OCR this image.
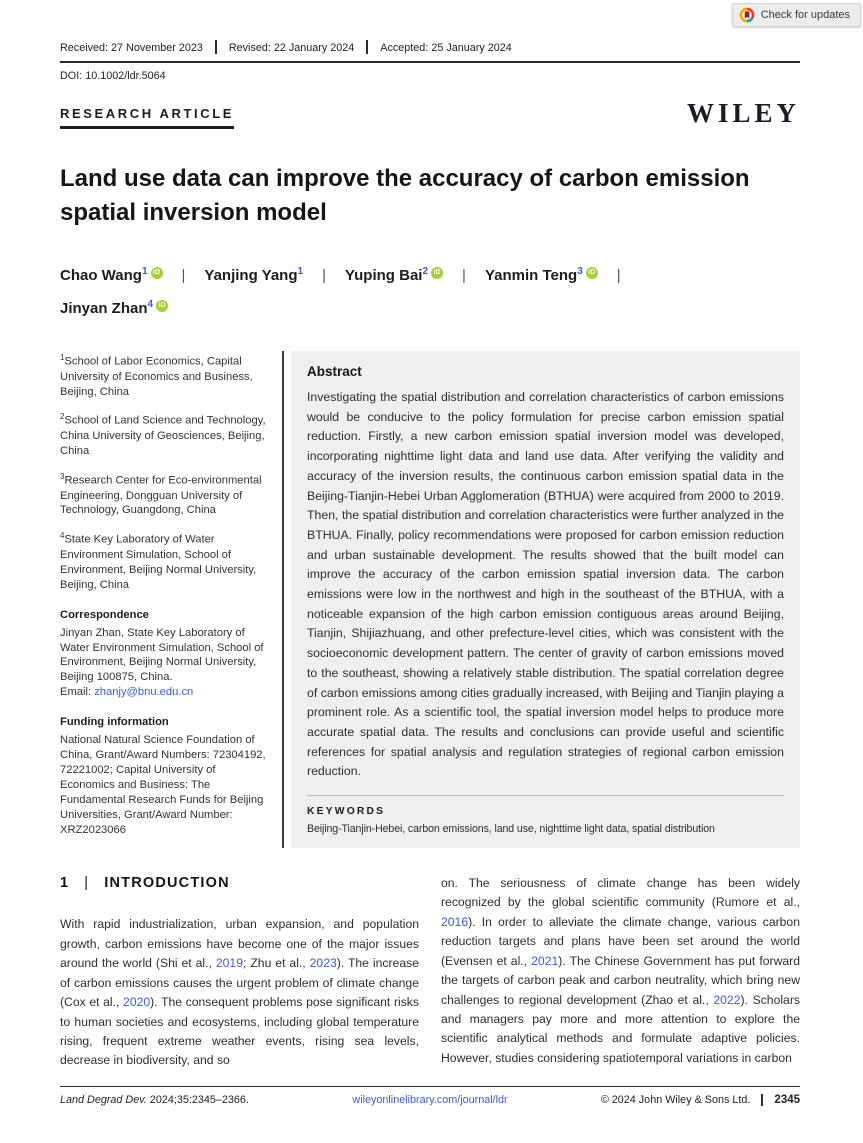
Check for updates
Received: 27 November 2023 Revised: 22 January 2024 Accepted: 25 January 2024
DOI: 10.1002/ldr.5064
RESEARCH ARTICLE	WILEY
Land use data can improve the accuracy of carbon emission spatial inversion model
Chao Wang$^1$ iD | Yanjing Yang$^1$ | Yuping Bai$^2$ iD | Yanmin Teng$^3$ iD |
Jinyan Zhan$^4$ iD
$^1$School of Labor Economics, Capital University of Economics and Business, Beijing, China
$^2$School of Land Science and Technology, China University of Geosciences, Beijing, China
$^3$Research Center for Eco-environmental Engineering, Dongguan University of Technology, Guangdong, China
$^4$State Key Laboratory of Water Environment Simulation, School of Environment, Beijing Normal University, Beijing, China
Correspondence
Jinyan Zhan, State Key Laboratory of Water Environment Simulation, School of Environment, Beijing Normal University, Beijing 100875, China.
Email: zhanjy@bnu.edu.cn
Funding information
National Natural Science Foundation of China, Grant/Award Numbers: 72304192, 72221002; Capital University of Economics and Business: The Fundamental Research Funds for Beijing Universities, Grant/Award Number: XRZ2023066
Abstract
Investigating the spatial distribution and correlation characteristics of carbon emissions would be conducive to the policy formulation for precise carbon emission spatial reduction. Firstly, a new carbon emission spatial inversion model was developed, incorporating nighttime light data and land use data. After verifying the validity and accuracy of the inversion results, the continuous carbon emission spatial data in the Beijing-Tianjin-Hebei Urban Agglomeration (BTHUA) were acquired from 2000 to 2019. Then, the spatial distribution and correlation characteristics were further analyzed in the BTHUA. Finally, policy recommendations were proposed for carbon emission reduction and urban sustainable development. The results showed that the built model can improve the accuracy of the carbon emission spatial inversion data. The carbon emissions were low in the northwest and high in the southeast of the BTHUA, with a noticeable expansion of the high carbon emission contiguous areas around Beijing, Tianjin, Shijiazhuang, and other prefecture-level cities, which was consistent with the socioeconomic development pattern. The center of gravity of carbon emissions moved to the southeast, showing a relatively stable distribution. The spatial correlation degree of carbon emissions among cities gradually increased, with Beijing and Tianjin playing a prominent role. As a scientific tool, the spatial inversion model helps to produce more accurate spatial data. The results and conclusions can provide useful and scientific references for spatial analysis and regulation strategies of regional carbon emission reduction.
KEYWORDS
Beijing-Tianjin-Hebei, carbon emissions, land use, nighttime light data, spatial distribution
1 | INTRODUCTION
With rapid industrialization, urban expansion, and population growth, carbon emissions have become one of the major issues around the world (Shi et al., 2019; Zhu et al., 2023). The increase of carbon emissions causes the urgent problem of climate change (Cox et al., 2020). The consequent problems pose significant risks to human societies and ecosystems, including global temperature rising, frequent extreme weather events, rising sea levels, decrease in biodiversity, and so
on. The seriousness of climate change has been widely recognized by the global scientific community (Rumore et al., 2016). In order to alleviate the climate change, various carbon reduction targets and plans have been set around the world (Evensen et al., 2021). The Chinese Government has put forward the targets of carbon peak and carbon neutrality, which bring new challenges to regional development (Zhao et al., 2022). Scholars and managers pay more and more attention to explore the scientific analytical methods and formulate adaptive policies. However, studies considering spatiotemporal variations in carbon
Land Degrad Dev. 2024;35:2345–2366.	wileyonlinelibrary.com/journal/ldr	© 2024 John Wiley & Sons Ltd.	2345
